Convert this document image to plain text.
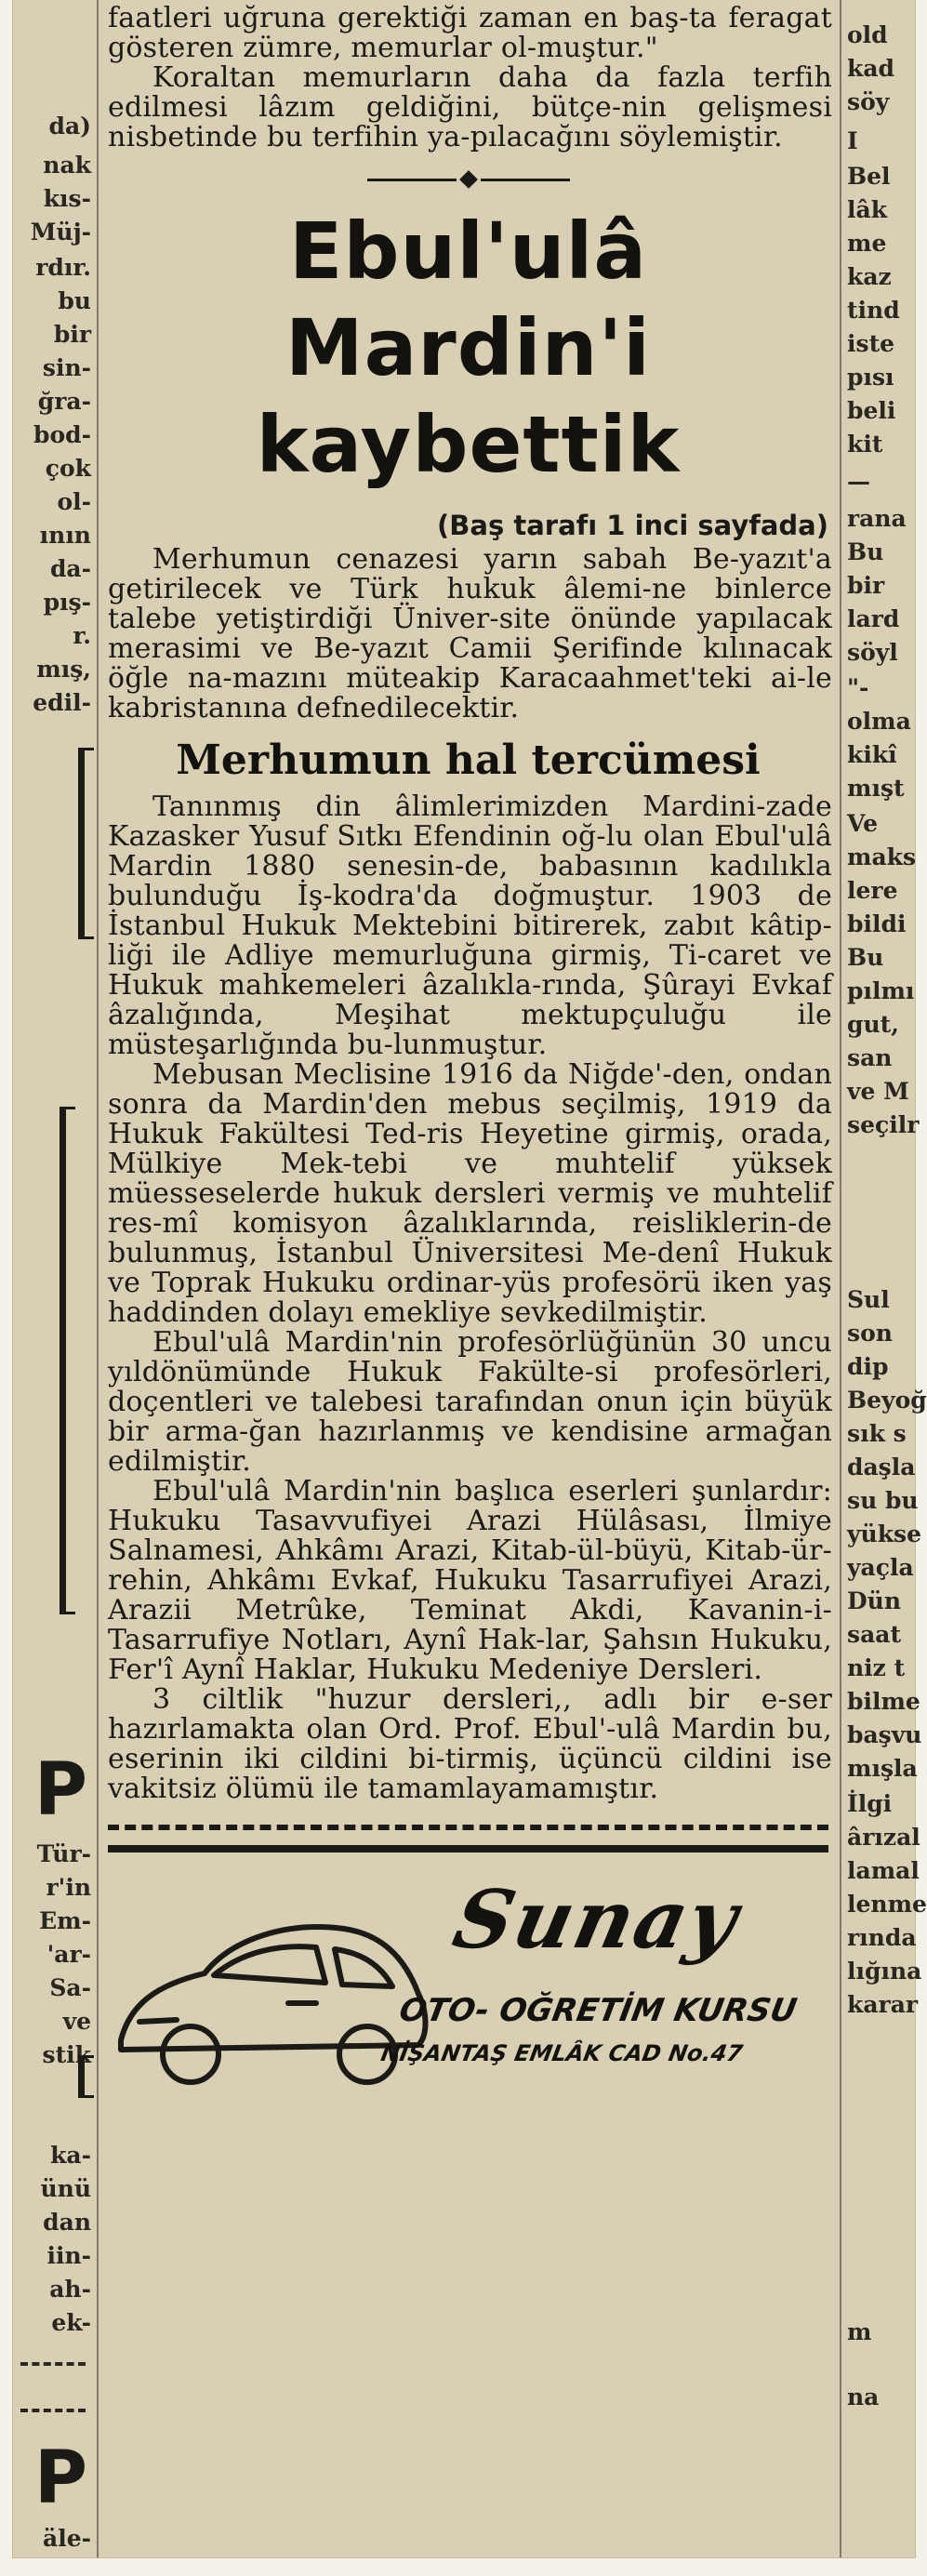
da)
nak
kıs-
Müj-
rdır.
bu
bir
sin-
ğra-
bod-
çok
ol-
ının
da-
pış-
r.
mış,
edil-
P
Tür-
r'in
Em-
'ar-
Sa-
ve
stik
ka-
ünü
dan
iin-
ah-
ek-
P
äle-

faatleri uğruna gerektiği zaman en baş-ta feragat gösteren zümre, memurlar ol-muştur."

Koraltan memurların daha da fazla terfih edilmesi lâzım geldiğini, bütçe-nin gelişmesi nisbetinde bu terfihin ya-pılacağını söylemiştir.

Ebul'ulâ Mardin'i
kaybettik
(Baş tarafı 1 inci sayfada)

Merhumun cenazesi yarın sabah Be-yazıt'a getirilecek ve Türk hukuk âlemi-ne binlerce talebe yetiştirdiği Üniver-site önünde yapılacak merasimi ve Be-yazıt Camii Şerifinde kılınacak öğle na-mazını müteakip Karacaahmet'teki ai-le kabristanına defnedilecektir.

Merhumun hal tercümesi

Tanınmış din âlimlerimizden Mardini-zade Kazasker Yusuf Sıtkı Efendinin oğ-lu olan Ebul'ulâ Mardin 1880 senesin-de, babasının kadılıkla bulunduğu İş-kodra'da doğmuştur. 1903 de İstanbul Hukuk Mektebini bitirerek, zabıt kâtip-liği ile Adliye memurluğuna girmiş, Ti-caret ve Hukuk mahkemeleri âzalıkla-rında, Şûrayi Evkaf âzalığında, Meşihat mektupçuluğu ile müsteşarlığında bu-lunmuştur.

Mebusan Meclisine 1916 da Niğde'-den, ondan sonra da Mardin'den mebus seçilmiş, 1919 da Hukuk Fakültesi Ted-ris Heyetine girmiş, orada, Mülkiye Mek-tebi ve muhtelif yüksek müesseselerde hukuk dersleri vermiş ve muhtelif res-mî komisyon âzalıklarında, reisliklerin-de bulunmuş, İstanbul Üniversitesi Me-denî Hukuk ve Toprak Hukuku ordinar-yüs profesörü iken yaş haddinden dolayı emekliye sevkedilmiştir.

Ebul'ulâ Mardin'nin profesörlüğünün 30 uncu yıldönümünde Hukuk Fakülte-si profesörleri, doçentleri ve talebesi tarafından onun için büyük bir arma-ğan hazırlanmış ve kendisine armağan edilmiştir.

Ebul'ulâ Mardin'nin başlıca eserleri şunlardır: Hukuku Tasavvufiyei Arazi Hülâsası, İlmiye Salnamesi, Ahkâmı Arazi, Kitab-ül-büyü, Kitab-ür-rehin, Ahkâmı Evkaf, Hukuku Tasarrufiyei Arazi, Arazii Metrûke, Teminat Akdi, Kavanin-i-Tasarrufiye Notları, Aynî Hak-lar, Şahsın Hukuku, Fer'î Aynî Haklar, Hukuku Medeniye Dersleri.

3 ciltlik "huzur dersleri,, adlı bir e-ser hazırlamakta olan Ord. Prof. Ebul'-ulâ Mardin bu, eserinin iki cildini bi-tirmiş, üçüncü cildini ise vakitsiz ölümü ile tamamlayamamıştır.

Sunay
OTO- OĞRETİM KURSU
NİŞANTAŞ EMLÂK CAD No.47
old
kad
söy
I
Bel
lâk
me
kaz
tind
iste
pısı
beli
kit
—
rana
Bu
bir
lard
söyl
"-
olma
kikî
mışt
Ve
maks
lere
bildi
Bu
pılmı
gut,
san
ve M
seçilr
Sul
son
dip
Beyoğ
sık s
daşla
su bu
yükse
yaçla
Dün
saat
niz t
bilme
başvu
mışla
İlgi
ârızal
lamal
lenme
rında
lığına
karar
m
na
